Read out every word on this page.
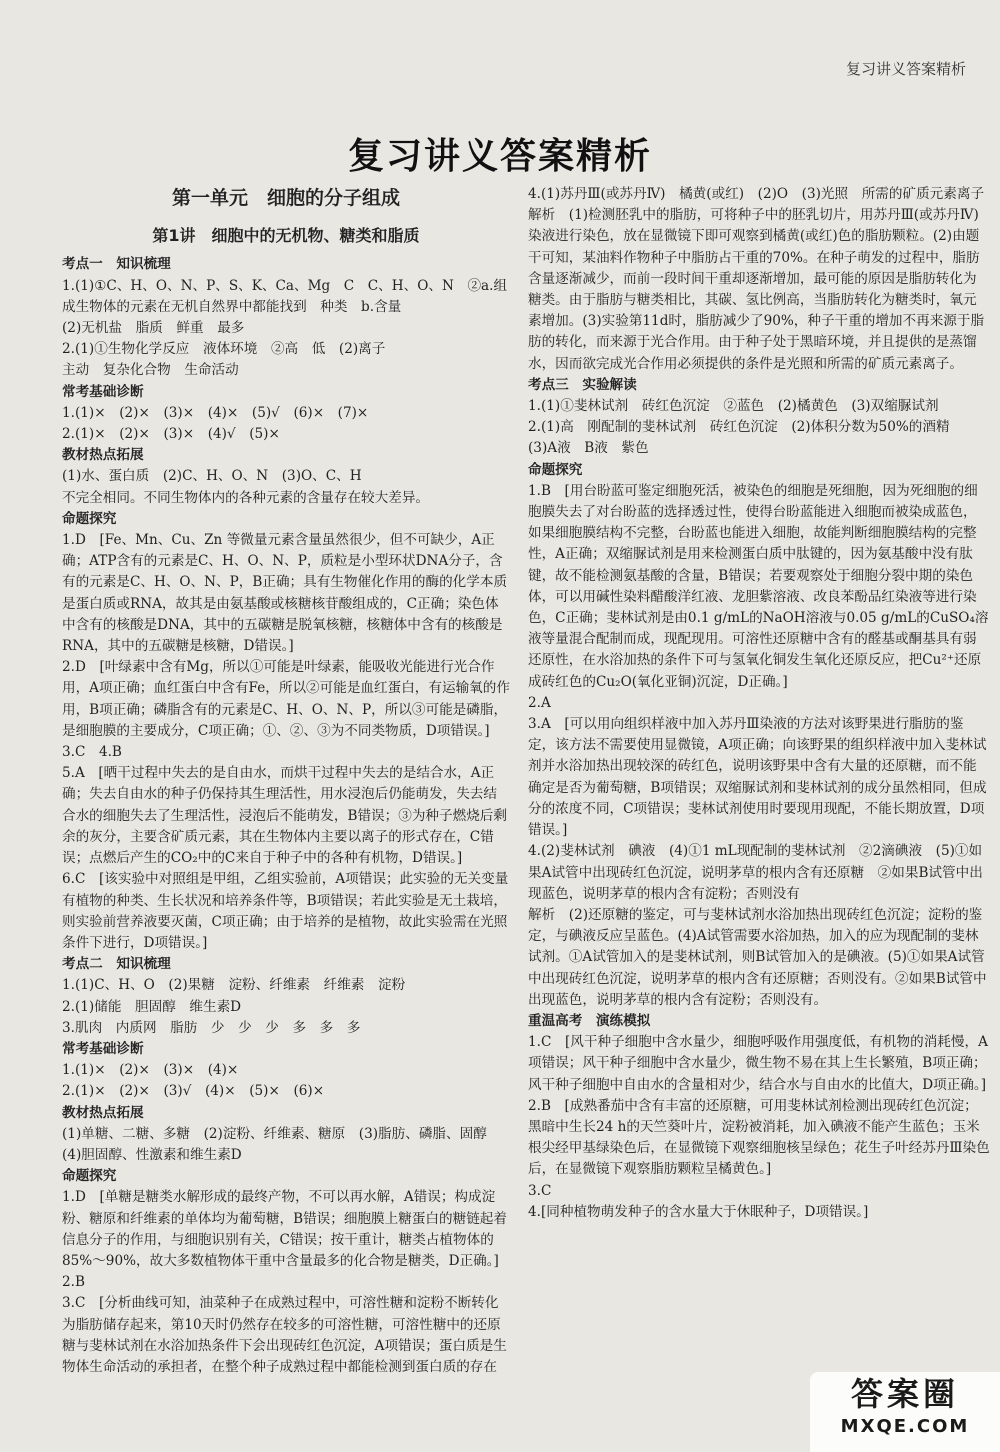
复习讲义答案精析
复习讲义答案精析
第一单元　细胞的分子组成
第1讲　细胞中的无机物、糖类和脂质
考点一　知识梳理

1.(1)①C、H、O、N、P、S、K、Ca、Mg　C　C、H、O、N　②a.组成生物体的元素在无机自然界中都能找到　种类　b.含量
(2)无机盐　脂质　鲜重　最多

2.(1)①生物化学反应　液体环境　②高　低　(2)离子
主动　复杂化合物　生命活动

常考基础诊断

1.(1)×　(2)×　(3)×　(4)×　(5)√　(6)×　(7)×
2.(1)×　(2)×　(3)×　(4)√　(5)×

教材热点拓展

(1)水、蛋白质　(2)C、H、O、N　(3)O、C、H
不完全相同。不同生物体内的各种元素的含量存在较大差异。

命题探究

1.D　[Fe、Mn、Cu、Zn 等微量元素含量虽然很少，但不可缺少，A正确；ATP含有的元素是C、H、O、N、P，质粒是小型环状DNA分子，含有的元素是C、H、O、N、P，B正确；具有生物催化作用的酶的化学本质是蛋白质或RNA，故其是由氨基酸或核糖核苷酸组成的，C正确；染色体中含有的核酸是DNA，其中的五碳糖是脱氧核糖，核糖体中含有的核酸是RNA，其中的五碳糖是核糖，D错误。]

2.D　[叶绿素中含有Mg，所以①可能是叶绿素，能吸收光能进行光合作用，A项正确；血红蛋白中含有Fe，所以②可能是血红蛋白，有运输氧的作用，B项正确；磷脂含有的元素是C、H、O、N、P，所以③可能是磷脂，是细胞膜的主要成分，C项正确；①、②、③为不同类物质，D项错误。]

3.C　4.B

5.A　[晒干过程中失去的是自由水，而烘干过程中失去的是结合水，A正确；失去自由水的种子仍保持其生理活性，用水浸泡后仍能萌发，失去结合水的细胞失去了生理活性，浸泡后不能萌发，B错误；③为种子燃烧后剩余的灰分，主要含矿质元素，其在生物体内主要以离子的形式存在，C错误；点燃后产生的CO₂中的C来自于种子中的各种有机物，D错误。]

6.C　[该实验中对照组是甲组，乙组实验前，A项错误；此实验的无关变量有植物的种类、生长状况和培养条件等，B项错误；若此实验是无土栽培，则实验前营养液要灭菌，C项正确；由于培养的是植物，故此实验需在光照条件下进行，D项错误。]

考点二　知识梳理

1.(1)C、H、O　(2)果糖　淀粉、纤维素　纤维素　淀粉
2.(1)储能　胆固醇　维生素D
3.肌肉　内质网　脂肪　少　少　少　多　多　多

常考基础诊断

1.(1)×　(2)×　(3)×　(4)×
2.(1)×　(2)×　(3)√　(4)×　(5)×　(6)×

教材热点拓展

(1)单糖、二糖、多糖　(2)淀粉、纤维素、糖原　(3)脂肪、磷脂、固醇　(4)胆固醇、性激素和维生素D

命题探究

1.D　[单糖是糖类水解形成的最终产物，不可以再水解，A错误；构成淀粉、糖原和纤维素的单体均为葡萄糖，B错误；细胞膜上糖蛋白的糖链起着信息分子的作用，与细胞识别有关，C错误；按干重计，糖类占植物体的85%～90%，故大多数植物体干重中含量最多的化合物是糖类，D正确。]

2.B

3.C　[分析曲线可知，油菜种子在成熟过程中，可溶性糖和淀粉不断转化为脂肪储存起来，第10天时仍然存在较多的可溶性糖，可溶性糖中的还原糖与斐林试剂在水浴加热条件下会出现砖红色沉淀，A项错误；蛋白质是生物体生命活动的承担者，在整个种子成熟过程中都能检测到蛋白质的存在

4.(1)苏丹Ⅲ(或苏丹Ⅳ)　橘黄(或红)　(2)O　(3)光照　所需的矿质元素离子

解析　(1)检测胚乳中的脂肪，可将种子中的胚乳切片，用苏丹Ⅲ(或苏丹Ⅳ)染液进行染色，放在显微镜下即可观察到橘黄(或红)色的脂肪颗粒。(2)由题干可知，某油料作物种子中脂肪占干重的70%。在种子萌发的过程中，脂肪含量逐渐减少，而前一段时间干重却逐渐增加，最可能的原因是脂肪转化为糖类。由于脂肪与糖类相比，其碳、氢比例高，当脂肪转化为糖类时，氧元素增加。(3)实验第11d时，脂肪减少了90%，种子干重的增加不再来源于脂肪的转化，而来源于光合作用。由于种子处于黑暗环境，并且提供的是蒸馏水，因而欲完成光合作用必须提供的条件是光照和所需的矿质元素离子。

考点三　实验解读

1.(1)①斐林试剂　砖红色沉淀　②蓝色　(2)橘黄色　(3)双缩脲试剂

2.(1)高　刚配制的斐林试剂　砖红色沉淀　(2)体积分数为50%的酒精　(3)A液　B液　紫色

命题探究

1.B　[用台盼蓝可鉴定细胞死活，被染色的细胞是死细胞，因为死细胞的细胞膜失去了对台盼蓝的选择透过性，使得台盼蓝能进入细胞而被染成蓝色，如果细胞膜结构不完整，台盼蓝也能进入细胞，故能判断细胞膜结构的完整性，A正确；双缩脲试剂是用来检测蛋白质中肽键的，因为氨基酸中没有肽键，故不能检测氨基酸的含量，B错误；若要观察处于细胞分裂中期的染色体，可以用碱性染料醋酸洋红液、龙胆紫溶液、改良苯酚品红染液等进行染色，C正确；斐林试剂是由0.1 g/mL的NaOH溶液与0.05 g/mL的CuSO₄溶液等量混合配制而成，现配现用。可溶性还原糖中含有的醛基或酮基具有弱还原性，在水浴加热的条件下可与氢氧化铜发生氧化还原反应，把Cu²⁺还原成砖红色的Cu₂O(氧化亚铜)沉淀，D正确。]

2.A

3.A　[可以用向组织样液中加入苏丹Ⅲ染液的方法对该野果进行脂肪的鉴定，该方法不需要使用显微镜，A项正确；向该野果的组织样液中加入斐林试剂并水浴加热出现较深的砖红色，说明该野果中含有大量的还原糖，而不能确定是否为葡萄糖，B项错误；双缩脲试剂和斐林试剂的成分虽然相同，但成分的浓度不同，C项错误；斐林试剂使用时要现用现配，不能长期放置，D项错误。]

4.(2)斐林试剂　碘液　(4)①1 mL现配制的斐林试剂　②2滴碘液　(5)①如果A试管中出现砖红色沉淀，说明茅草的根内含有还原糖　②如果B试管中出现蓝色，说明茅草的根内含有淀粉；否则没有

解析　(2)还原糖的鉴定，可与斐林试剂水浴加热出现砖红色沉淀；淀粉的鉴定，与碘液反应呈蓝色。(4)A试管需要水浴加热，加入的应为现配制的斐林试剂。①A试管加入的是斐林试剂，则B试管加入的是碘液。(5)①如果A试管中出现砖红色沉淀，说明茅草的根内含有还原糖；否则没有。②如果B试管中出现蓝色，说明茅草的根内含有淀粉；否则没有。

重温高考　演练模拟

1.C　[风干种子细胞中含水量少，细胞呼吸作用强度低，有机物的消耗慢，A项错误；风干种子细胞中含水量少，微生物不易在其上生长繁殖，B项正确；风干种子细胞中自由水的含量相对少，结合水与自由水的比值大，D项正确。]

2.B　[成熟番茄中含有丰富的还原糖，可用斐林试剂检测出现砖红色沉淀；黑暗中生长24 h的天竺葵叶片，淀粉被消耗，加入碘液不能产生蓝色；玉米根尖经甲基绿染色后，在显微镜下观察细胞核呈绿色；花生子叶经苏丹Ⅲ染色后，在显微镜下观察脂肪颗粒呈橘黄色。]

3.C

4.[同种植物萌发种子的含水量大于休眠种子，D项错误。]

答案圈
MXQE.COM
